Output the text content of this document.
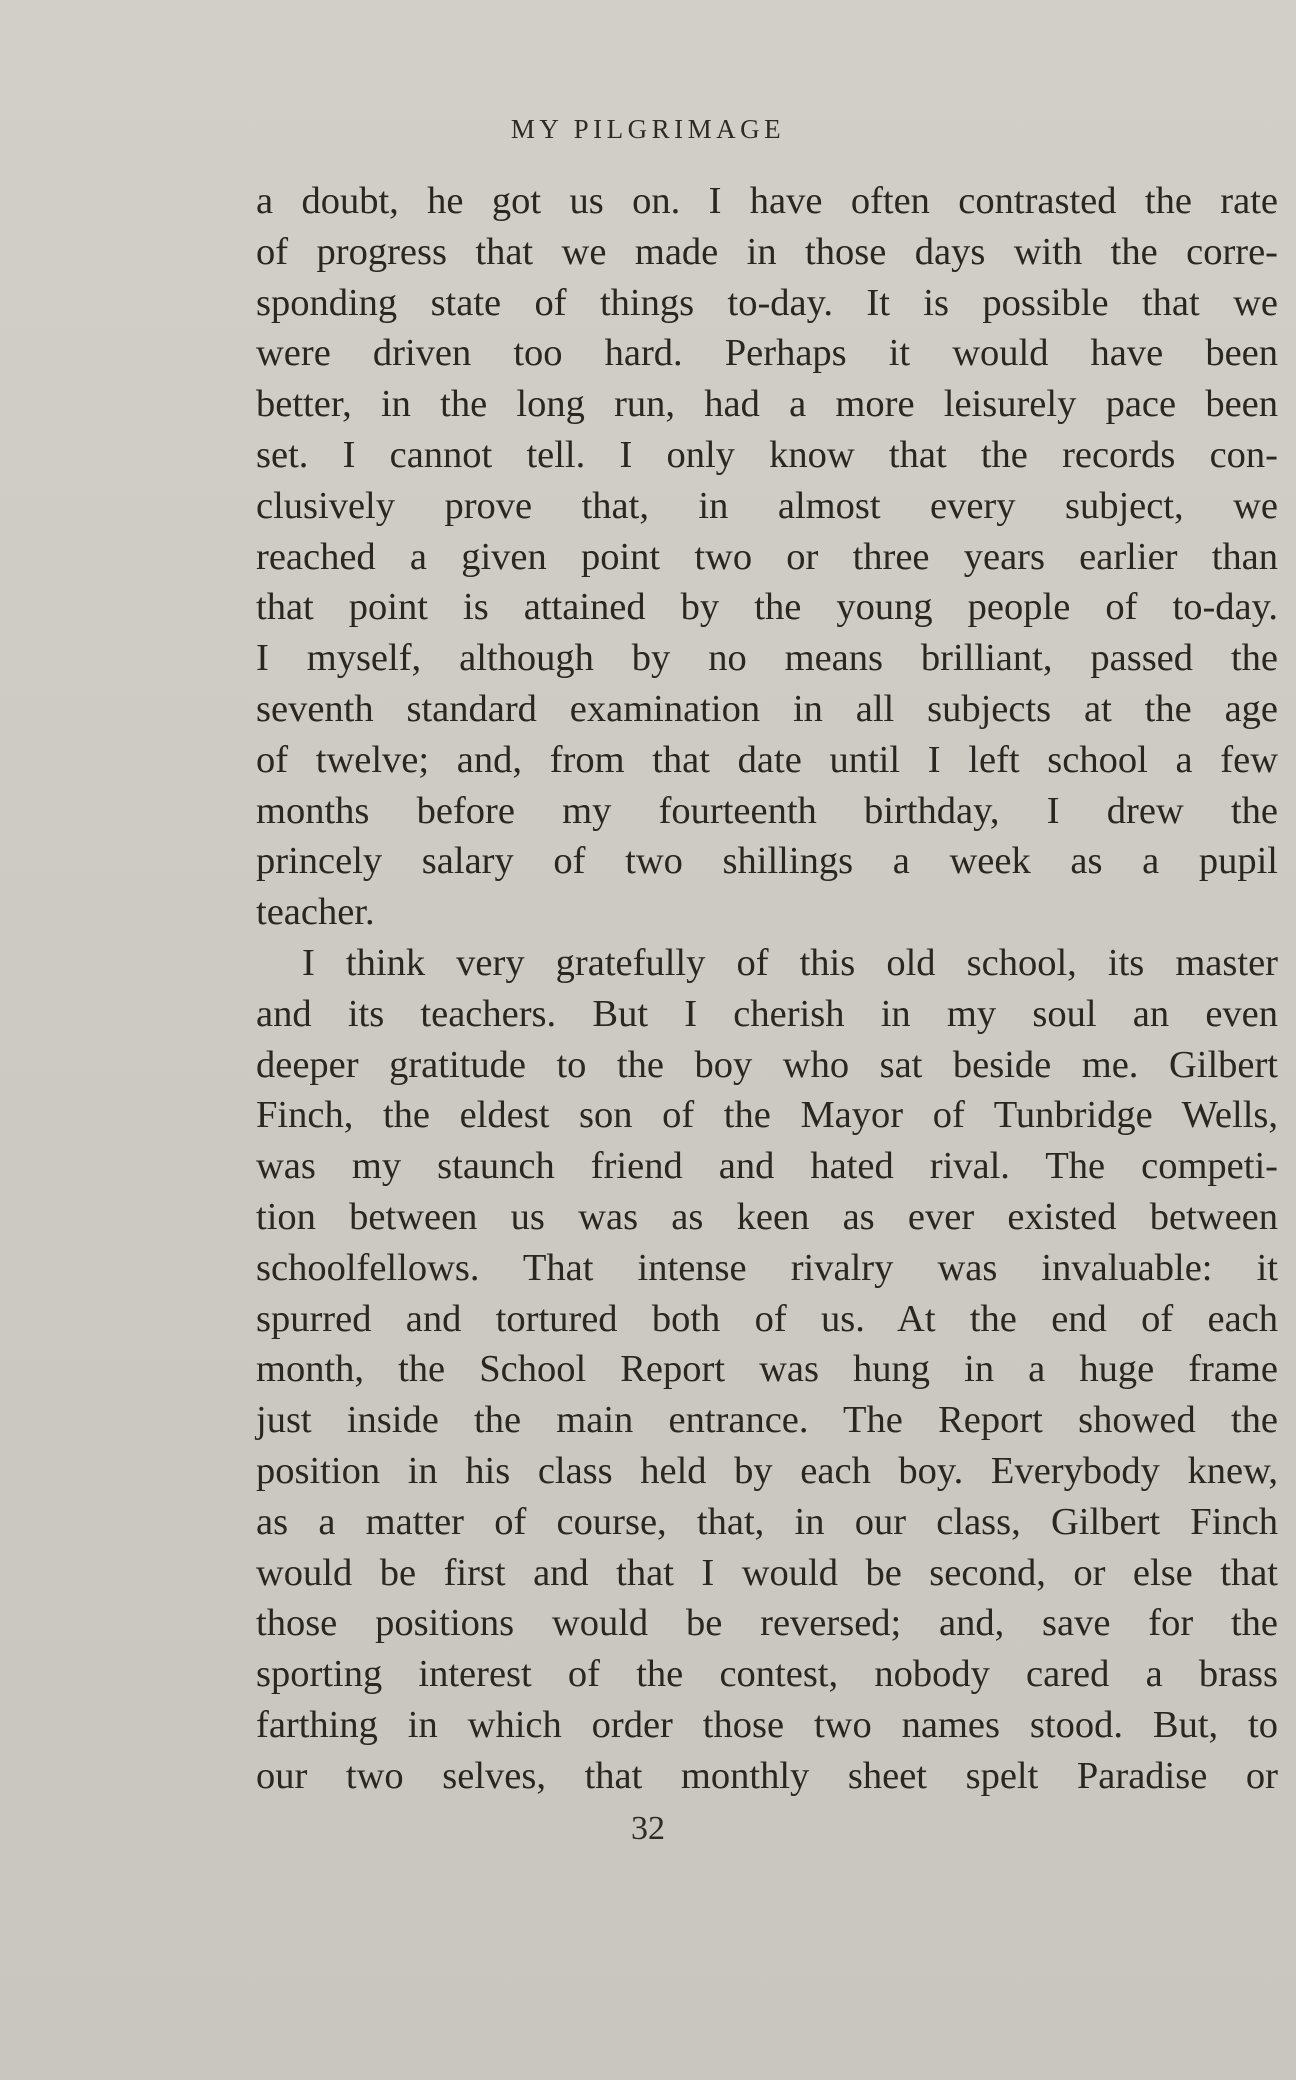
MY PILGRIMAGE
a doubt, he got us on. I have often contrasted the rate
of progress that we made in those days with the corre-
sponding state of things to-day. It is possible that we
were driven too hard. Perhaps it would have been
better, in the long run, had a more leisurely pace been
set. I cannot tell. I only know that the records con-
clusively prove that, in almost every subject, we
reached a given point two or three years earlier than
that point is attained by the young people of to-day.
I myself, although by no means brilliant, passed the
seventh standard examination in all subjects at the age
of twelve; and, from that date until I left school a few
months before my fourteenth birthday, I drew the
princely salary of two shillings a week as a pupil
teacher.
I think very gratefully of this old school, its master
and its teachers. But I cherish in my soul an even
deeper gratitude to the boy who sat beside me. Gilbert
Finch, the eldest son of the Mayor of Tunbridge Wells,
was my staunch friend and hated rival. The competi-
tion between us was as keen as ever existed between
schoolfellows. That intense rivalry was invaluable: it
spurred and tortured both of us. At the end of each
month, the School Report was hung in a huge frame
just inside the main entrance. The Report showed the
position in his class held by each boy. Everybody knew,
as a matter of course, that, in our class, Gilbert Finch
would be first and that I would be second, or else that
those positions would be reversed; and, save for the
sporting interest of the contest, nobody cared a brass
farthing in which order those two names stood. But, to
our two selves, that monthly sheet spelt Paradise or
32
